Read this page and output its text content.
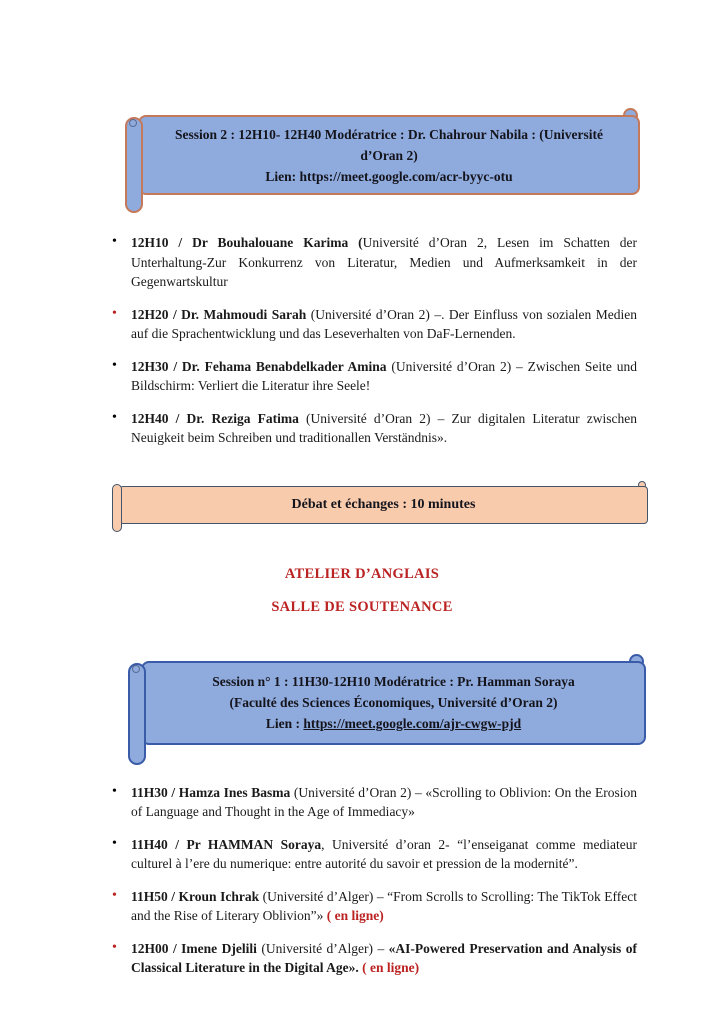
Session 2 : 12H10- 12H40 Modératrice : Dr. Chahrour Nabila : (Université
d’Oran 2)
Lien: https://meet.google.com/acr-byyc-otu
• 12H10 / Dr Bouhalouane Karima (Université d’Oran 2, Lesen im Schatten der Unterhaltung-Zur Konkurrenz von Literatur, Medien und Aufmerksamkeit in der Gegenwartskultur
• 12H20 / Dr. Mahmoudi Sarah (Université d’Oran 2) –. Der Einfluss von sozialen Medien auf die Sprachentwicklung und das Leseverhalten von DaF-Lernenden.
• 12H30 / Dr. Fehama Benabdelkader Amina (Université d’Oran 2) – Zwischen Seite und Bildschirm: Verliert die Literatur ihre Seele!
• 12H40 / Dr. Reziga Fatima (Université d’Oran 2) – Zur digitalen Literatur zwischen Neuigkeit beim Schreiben und traditionallen Verständnis».
Débat et échanges : 10 minutes
ATELIER D’ANGLAIS
SALLE DE SOUTENANCE
Session n° 1 : 11H30-12H10 Modératrice : Pr. Hamman Soraya
(Faculté des Sciences Économiques, Université d’Oran 2)
Lien : https://meet.google.com/ajr-cwgw-pjd
• 11H30 / Hamza Ines Basma (Université d’Oran 2) – «Scrolling to Oblivion: On the Erosion of Language and Thought in the Age of Immediacy»
• 11H40 / Pr HAMMAN Soraya, Université d’oran 2- “l’enseiganat comme mediateur culturel à l’ere du numerique: entre autorité du savoir et pression de la modernité”.
• 11H50 / Kroun Ichrak (Université d’Alger) – “From Scrolls to Scrolling: The TikTok Effect and the Rise of Literary Oblivion”» ( en ligne)
• 12H00 / Imene Djelili (Université d’Alger) – «AI-Powered Preservation and Analysis of Classical Literature in the Digital Age». ( en ligne)
